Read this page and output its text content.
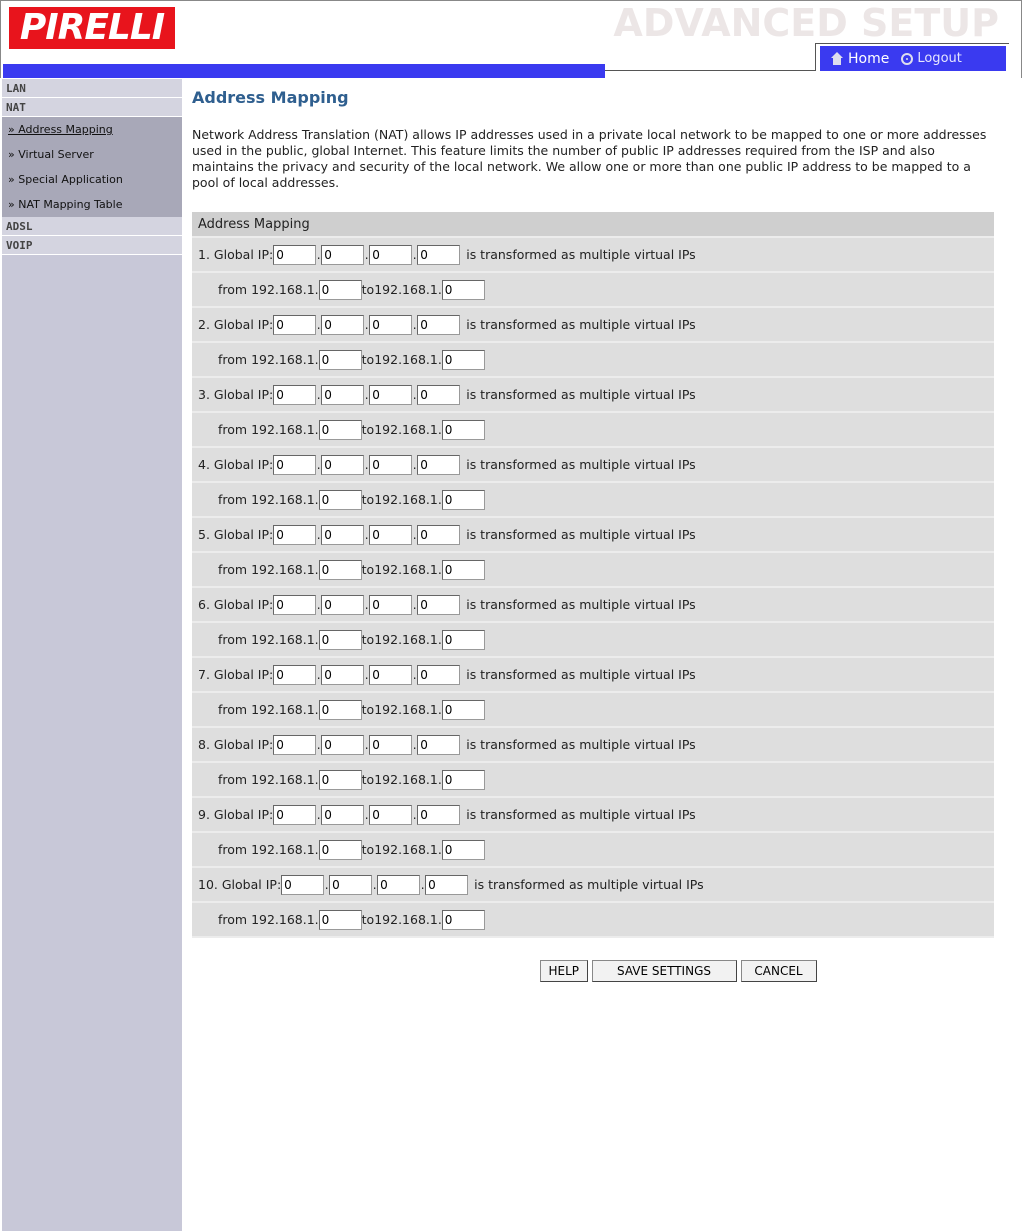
PIRELLI	ADVANCED SETUP
Home Logout
LAN
NAT
» Address Mapping
» Virtual Server
» Special Application
» NAT Mapping Table
ADSL
VOIP
Address Mapping
Network Address Translation (NAT) allows IP addresses used in a private local network to be mapped to one or more addresses used in the public, global Internet. This feature limits the number of public IP addresses required from the ISP and also maintains the privacy and security of the local network. We allow one or more than one public IP address to be mapped to a pool of local addresses.
Address Mapping
1.
Global IP:
0	.
0	.
0	.
0	is transformed as multiple virtual IPs
from 192.168.1.
0	to192.168.1.
0
2.
Global IP:
0	.
0	.
0	.
0	is transformed as multiple virtual IPs
from 192.168.1.
0	to192.168.1.
0
3.
Global IP:
0	.
0	.
0	.
0	is transformed as multiple virtual IPs
from 192.168.1.
0	to192.168.1.
0
4.
Global IP:
0	.
0	.
0	.
0	is transformed as multiple virtual IPs
from 192.168.1.
0	to192.168.1.
0
5.
Global IP:
0	.
0	.
0	.
0	is transformed as multiple virtual IPs
from 192.168.1.
0	to192.168.1.
0
6.
Global IP:
0	.
0	.
0	.
0	is transformed as multiple virtual IPs
from 192.168.1.
0	to192.168.1.
0
7.
Global IP:
0	.
0	.
0	.
0	is transformed as multiple virtual IPs
from 192.168.1.
0	to192.168.1.
0
8.
Global IP:
0	.
0	.
0	.
0	is transformed as multiple virtual IPs
from 192.168.1.
0	to192.168.1.
0
9.
Global IP:
0	.
0	.
0	.
0	is transformed as multiple virtual IPs
from 192.168.1.
0	to192.168.1.
0
10.
Global IP:
0	.
0	.
0	.
0	is transformed as multiple virtual IPs
from 192.168.1.
0	to192.168.1.
0
HELP	SAVE SETTINGS	CANCEL
